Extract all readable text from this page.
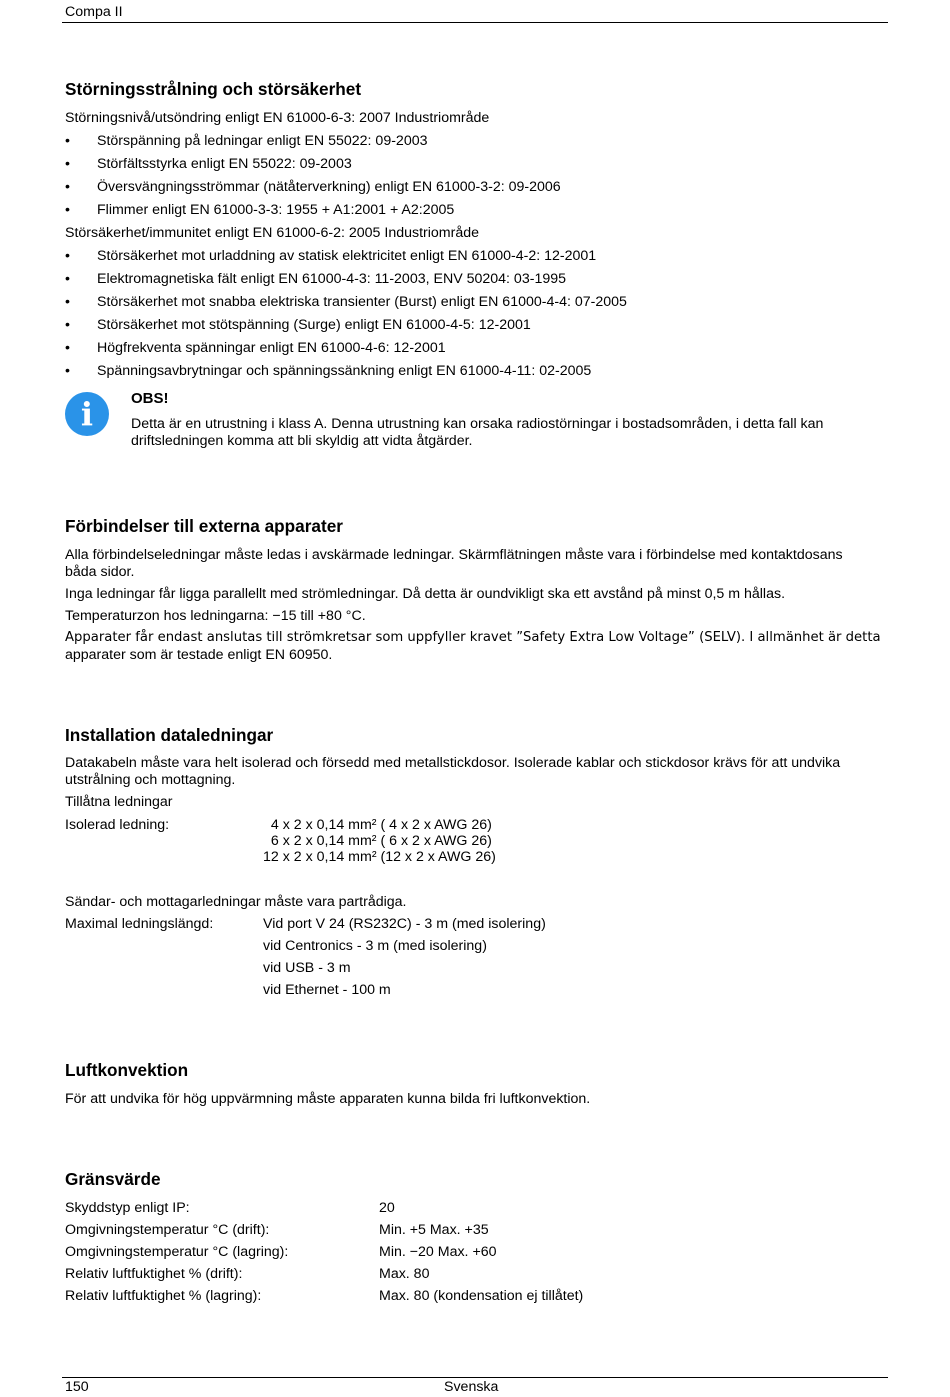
Compa II
Störningsstrålning och störsäkerhet
Störningsnivå/utsöndring enligt EN 61000-6-3: 2007 Industriområde
• Störspänning på ledningar enligt EN 55022: 09-2003
• Störfältsstyrka enligt EN 55022: 09-2003
• Översvängningsströmmar (nätåterverkning) enligt EN 61000-3-2: 09-2006
• Flimmer enligt EN 61000-3-3: 1955 + A1:2001 + A2:2005
Störsäkerhet/immunitet enligt EN 61000-6-2: 2005 Industriområde
• Störsäkerhet mot urladdning av statisk elektricitet enligt EN 61000-4-2: 12-2001
• Elektromagnetiska fält enligt EN 61000-4-3: 11-2003, ENV 50204: 03-1995
• Störsäkerhet mot snabba elektriska transienter (Burst) enligt EN 61000-4-4: 07-2005
• Störsäkerhet mot stötspänning (Surge) enligt EN 61000-4-5: 12-2001
• Högfrekventa spänningar enligt EN 61000-4-6: 12-2001
• Spänningsavbrytningar och spänningssänkning enligt EN 61000-4-11: 02-2005
i	OBS!
Detta är en utrustning i klass A. Denna utrustning kan orsaka radiostörningar i bostadsområden, i detta fall kan
driftsledningen komma att bli skyldig att vidta åtgärder.
Förbindelser till externa apparater
Alla förbindelseledningar måste ledas i avskärmade ledningar. Skärmflätningen måste vara i förbindelse med kontaktdosans
båda sidor.
Inga ledningar får ligga parallellt med strömledningar. Då detta är oundvikligt ska ett avstånd på minst 0,5 m hållas.
Temperaturzon hos ledningarna: −15 till +80 °C.
Apparater får endast anslutas till strömkretsar som uppfyller kravet ”Safety Extra Low Voltage” (SELV). I allmänhet är detta
apparater som är testade enligt EN 60950.
Installation dataledningar
Datakabeln måste vara helt isolerad och försedd med metallstickdosor. Isolerade kablar och stickdosor krävs för att undvika
utstrålning och mottagning.
Tillåtna ledningar
Isolerad ledning:	4 x 2 x 0,14 mm² ( 4 x 2 x AWG 26)
6 x 2 x 0,14 mm² ( 6 x 2 x AWG 26)
12 x 2 x 0,14 mm² (12 x 2 x AWG 26)
Sändar- och mottagarledningar måste vara partrådiga.
Maximal ledningslängd:	Vid port V 24 (RS232C) - 3 m (med isolering)
vid Centronics - 3 m (med isolering)
vid USB - 3 m
vid Ethernet - 100 m
Luftkonvektion
För att undvika för hög uppvärmning måste apparaten kunna bilda fri luftkonvektion.
Gränsvärde
Skyddstyp enligt IP:	20
Omgivningstemperatur °C (drift):	Min. +5 Max. +35
Omgivningstemperatur °C (lagring):	Min. −20 Max. +60
Relativ luftfuktighet % (drift):	Max. 80
Relativ luftfuktighet % (lagring):	Max. 80 (kondensation ej tillåtet)
150	Svenska
